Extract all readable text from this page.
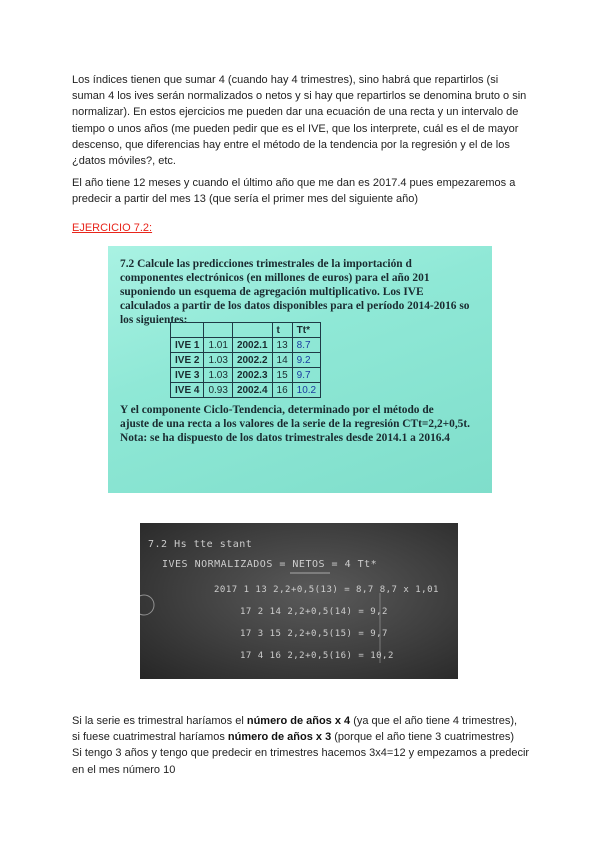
Los índices tienen que sumar 4 (cuando hay 4 trimestres), sino habrá que repartirlos (si suman 4 los ives serán normalizados o netos y si hay que repartirlos se denomina bruto o sin normalizar). En estos ejercicios me pueden dar una ecuación de una recta y un intervalo de tiempo o unos años (me pueden pedir que es el IVE, que los interprete, cuál es el de mayor descenso, que diferencias hay entre el método de la tendencia por la regresión y el de los ¿datos móviles?, etc.
El año tiene 12 meses y cuando el último año que me dan es 2017.4 pues empezaremos a predecir a partir del mes 13 (que sería el primer mes del siguiente año)
EJERCICIO 7.2:
7.2 Calcule las predicciones trimestrales de la importación d
componentes electrónicos (en millones de euros) para el año 201
suponiendo un esquema de agregación multiplicativo. Los IVE
calculados a partir de los datos disponibles para el período 2014-2016 so
los siguientes:
			t	Tt*
IVE 1	1.01	2002.1	13	8.7
IVE 2	1.03	2002.2	14	9.2
IVE 3	1.03	2002.3	15	9.7
IVE 4	0.93	2002.4	16	10.2
Y el componente Ciclo-Tendencia, determinado por el método de
ajuste de una recta a los valores de la serie de la regresión CTt=2,2+0,5t.
Nota: se ha dispuesto de los datos trimestrales desde 2014.1 a 2016.4
7.2 Hs tte stant
IVES NORMALIZADOS = NETOS = 4 Tt*
2017 1 13 2,2+0,5(13) = 8,7 8,7 x 1,01
17 2 14 2,2+0,5(14) = 9,2
17 3 15 2,2+0,5(15) = 9,7
17 4 16 2,2+0,5(16) = 10,2
Si la serie es trimestral haríamos el número de años x 4 (ya que el año tiene 4 trimestres),
si fuese cuatrimestral haríamos número de años x 3 (porque el año tiene 3 cuatrimestres)
Si tengo 3 años y tengo que predecir en trimestres hacemos 3x4=12 y empezamos a predecir en el mes número 10
